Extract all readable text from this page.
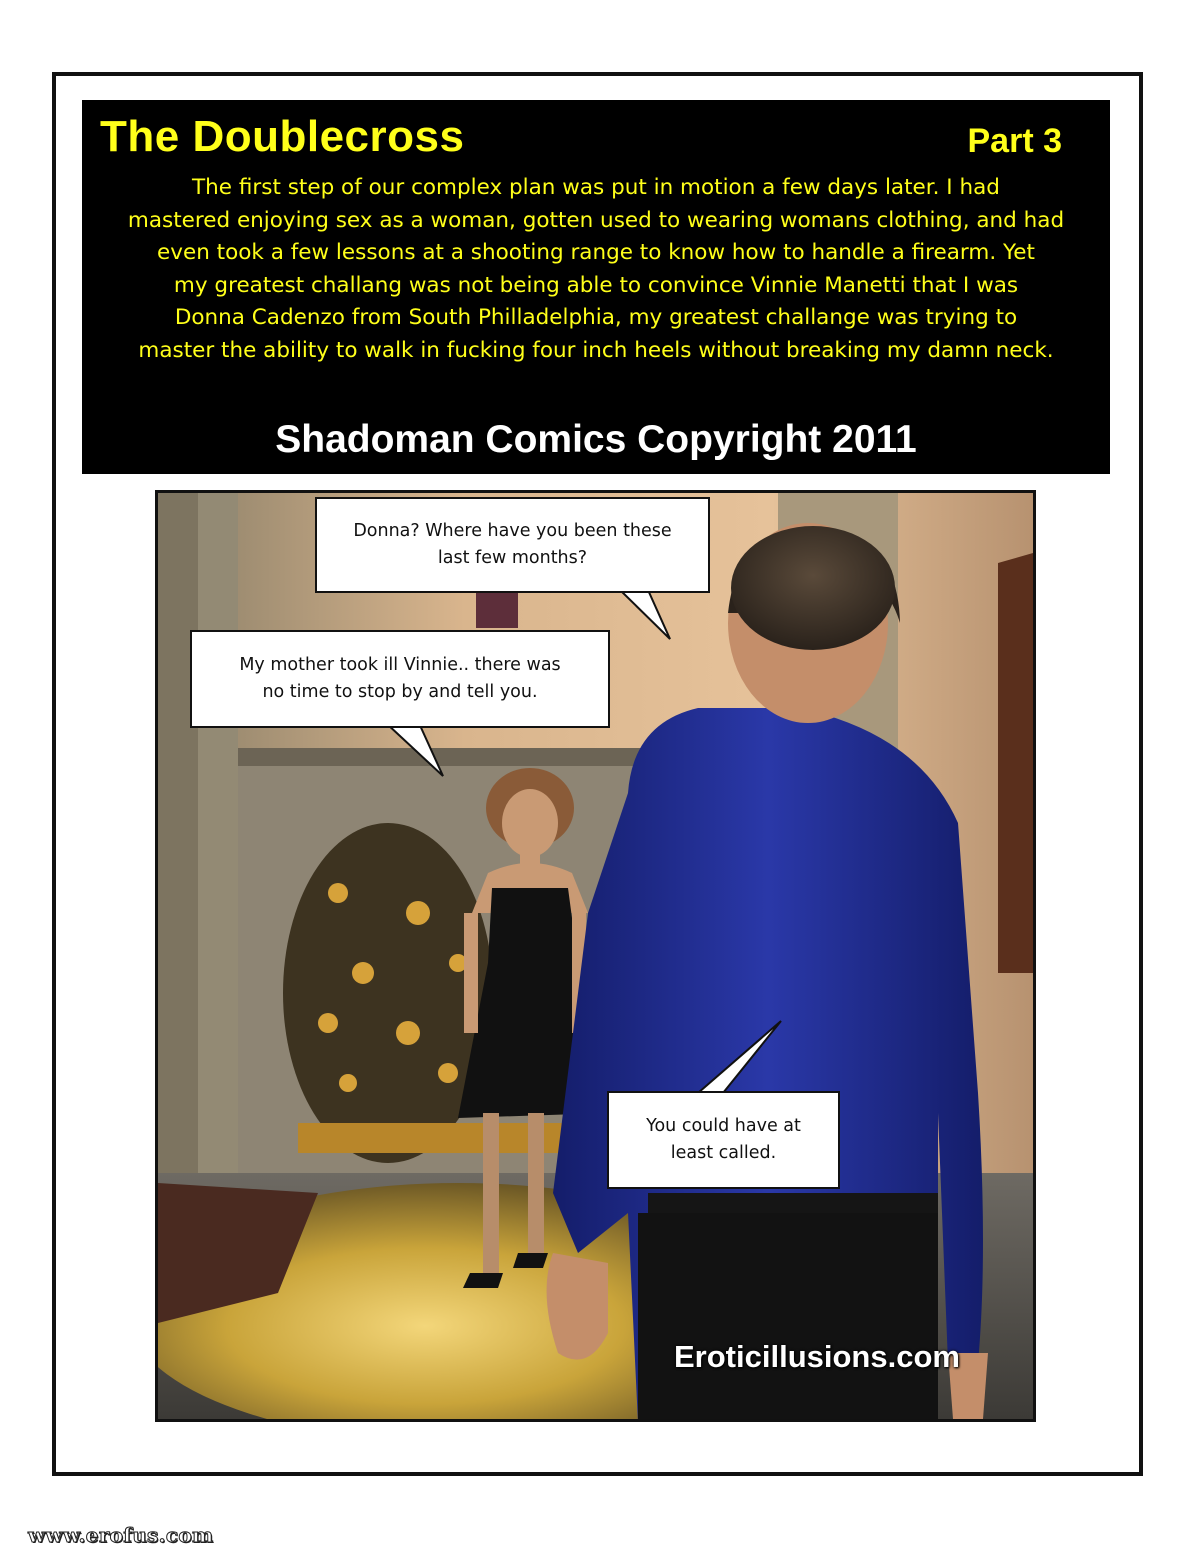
The Doublecross	Part 3
The first step of our complex plan was put in motion a few days later. I had
mastered enjoying sex as a woman, gotten used to wearing womans clothing, and had
even took a few lessons at a shooting range to know how to handle a firearm. Yet
my greatest challang was not being able to convince Vinnie Manetti that I was
Donna Cadenzo from South Philladelphia, my greatest challange was trying to
master the ability to walk in fucking four inch heels without breaking my damn neck.
Shadoman Comics Copyright 2011
Donna? Where have you been these
last few months?
My mother took ill Vinnie.. there was
no time to stop by and tell you.
You could have at
least called.
Eroticillusions.com
www.erofus.com
